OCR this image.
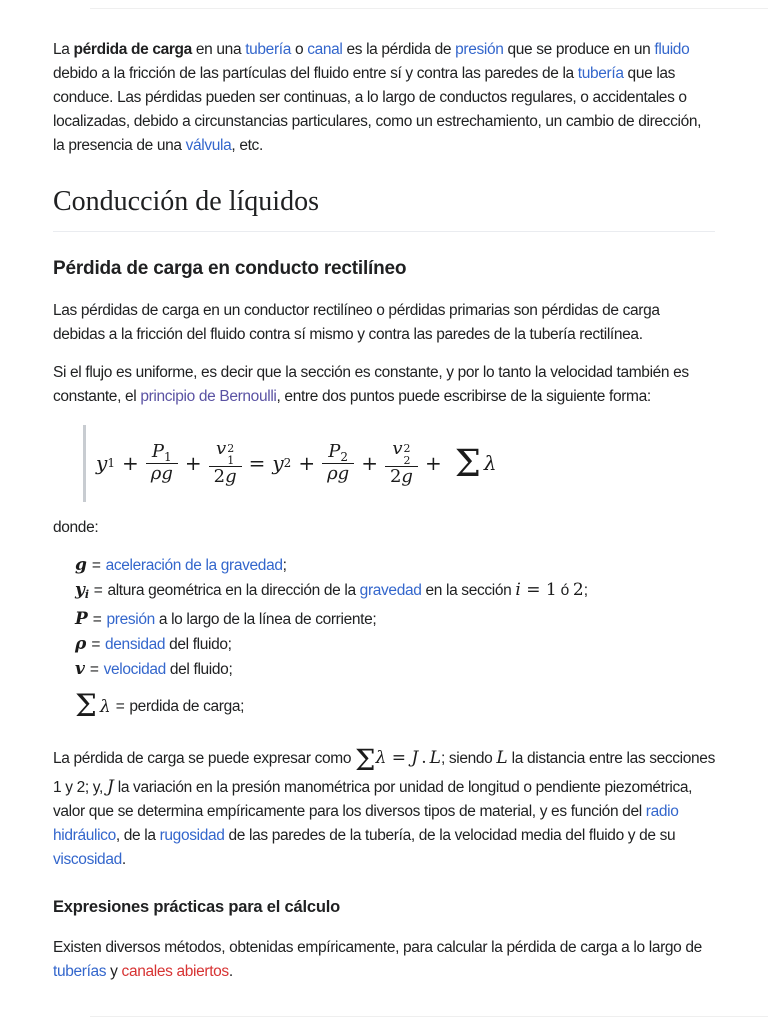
La pérdida de carga en una tubería o canal es la pérdida de presión que se produce en un fluido debido a la fricción de las partículas del fluido entre sí y contra las paredes de la tubería que las conduce. Las pérdidas pueden ser continuas, a lo largo de conductos regulares, o accidentales o localizadas, debido a circunstancias particulares, como un estrechamiento, un cambio de dirección, la presencia de una válvula, etc.

Conducción de líquidos
Pérdida de carga en conducto rectilíneo

Las pérdidas de carga en un conductor rectilíneo o pérdidas primarias son pérdidas de carga debidas a la fricción del fluido contra sí mismo y contra las paredes de la tubería rectilínea.

Si el flujo es uniforme, es decir que la sección es constante, y por lo tanto la velocidad también es constante, el principio de Bernoulli, entre dos puntos puede escribirse de la siguiente forma:

y $1 + \frac{P_1}{\rho g} + v$ 2
1
2g = y $2 + \frac{P_2}{\rho g} + v$ 2
2
2g + Σ λ

donde:

g = aceleración de la gravedad;
yi = altura geométrica en la dirección de la gravedad en la sección i = 1 ó 2;
P = presión a lo largo de la línea de corriente;
ρ = densidad del fluido;
v = velocidad del fluido;
Σ λ = perdida de carga;

La pérdida de carga se puede expresar como Σλ = J . L; siendo L la distancia entre las secciones 1 y 2; y, J la variación en la presión manométrica por unidad de longitud o pendiente piezométrica, valor que se determina empíricamente para los diversos tipos de material, y es función del radio hidráulico, de la rugosidad de las paredes de la tubería, de la velocidad media del fluido y de su viscosidad.

Expresiones prácticas para el cálculo

Existen diversos métodos, obtenidas empíricamente, para calcular la pérdida de carga a lo largo de tuberías y canales abiertos.
